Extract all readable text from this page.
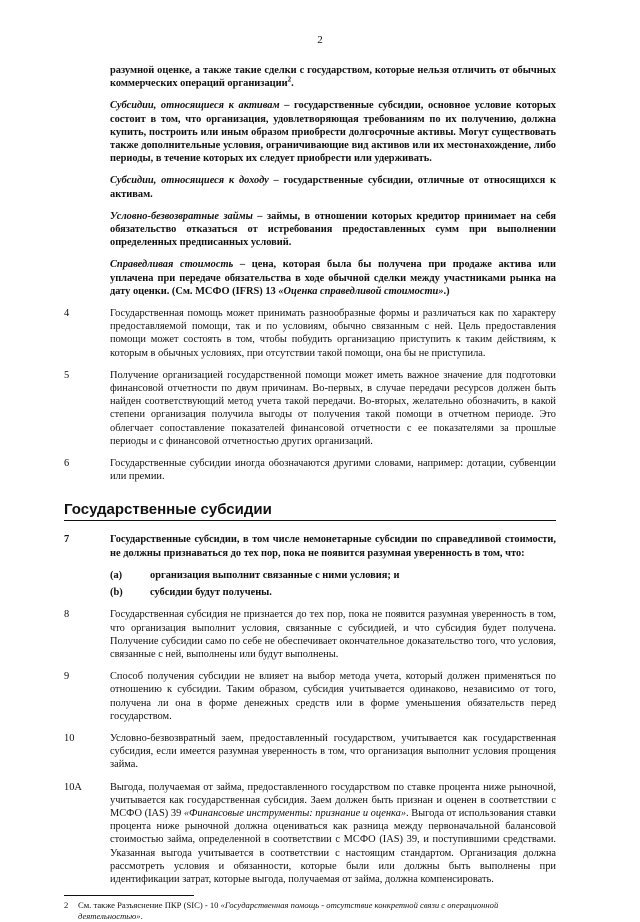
2

разумной оценке, а также такие сделки с государством, которые нельзя отличить от обычных коммерческих операций организации$^2$.

Субсидии, относящиеся к активам – государственные субсидии, основное условие которых состоит в том, что организация, удовлетворяющая требованиям по их получению, должна купить, построить или иным образом приобрести долгосрочные активы. Могут существовать также дополнительные условия, ограничивающие вид активов или их местонахождение, либо периоды, в течение которых их следует приобрести или удерживать.

Субсидии, относящиеся к доходу – государственные субсидии, отличные от относящихся к активам.

Условно-безвозвратные займы – займы, в отношении которых кредитор принимает на себя обязательство отказаться от истребования предоставленных сумм при выполнении определенных предписанных условий.

Справедливая стоимость – цена, которая была бы получена при продаже актива или уплачена при передаче обязательства в ходе обычной сделки между участниками рынка на дату оценки. (См. МСФО (IFRS) 13 «Оценка справедливой стоимости».)

4	Государственная помощь может принимать разнообразные формы и различаться как по характеру предоставляемой помощи, так и по условиям, обычно связанным с ней. Цель предоставления помощи может состоять в том, чтобы побудить организацию приступить к таким действиям, к которым в обычных условиях, при отсутствии такой помощи, она бы не приступила.
5	Получение организацией государственной помощи может иметь важное значение для подготовки финансовой отчетности по двум причинам. Во-первых, в случае передачи ресурсов должен быть найден соответствующий метод учета такой передачи. Во-вторых, желательно обозначить, в какой степени организация получила выгоды от получения такой помощи в отчетном периоде. Это облегчает сопоставление показателей финансовой отчетности с ее показателями за прошлые периоды и с финансовой отчетностью других организаций.
6	Государственные субсидии иногда обозначаются другими словами, например: дотации, субвенции или премии.
Государственные субсидии
7	Государственные субсидии, в том числе немонетарные субсидии по справедливой стоимости, не должны признаваться до тех пор, пока не появится разумная уверенность в том, что:
(a)	организация выполнит связанные с ними условия; и
(b)	субсидии будут получены.
8	Государственная субсидия не признается до тех пор, пока не появится разумная уверенность в том, что организация выполнит условия, связанные с субсидией, и что субсидия будет получена. Получение субсидии само по себе не обеспечивает окончательное доказательство того, что условия, связанные с ней, выполнены или будут выполнены.
9	Способ получения субсидии не влияет на выбор метода учета, который должен применяться по отношению к субсидии. Таким образом, субсидия учитывается одинаково, независимо от того, получена ли она в форме денежных средств или в форме уменьшения обязательств перед государством.
10	Условно-безвозвратный заем, предоставленный государством, учитывается как государственная субсидия, если имеется разумная уверенность в том, что организация выполнит условия прощения займа.
10A	Выгода, получаемая от займа, предоставленного государством по ставке процента ниже рыночной, учитывается как государственная субсидия. Заем должен быть признан и оценен в соответствии с МСФО (IAS) 39 «Финансовые инструменты: признание и оценка». Выгода от использования ставки процента ниже рыночной должна оцениваться как разница между первоначальной балансовой стоимостью займа, определенной в соответствии с МСФО (IAS) 39, и поступившими средствами. Указанная выгода учитывается в соответствии с настоящим стандартом. Организация должна рассмотреть условия и обязанности, которые были или должны быть выполнены при идентификации затрат, которые выгода, получаемая от займа, должна компенсировать.
2	См. также Разъяснение ПКР (SIC) - 10 «Государственная помощь - отсутствие конкретной связи с операционной деятельностью».
